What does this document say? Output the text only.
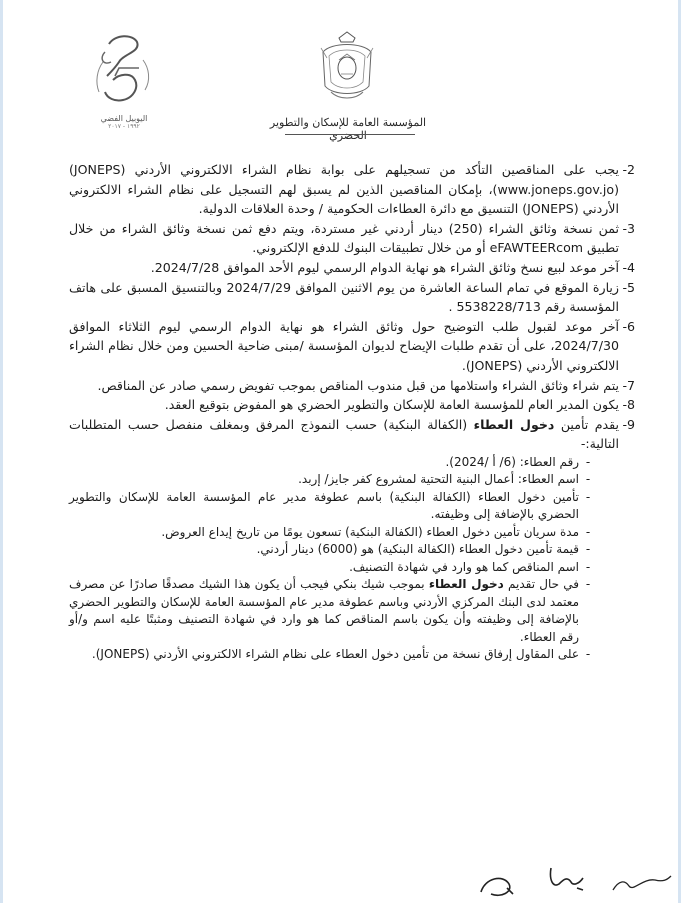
اليوبيل الفضي
١٩٩٢ - ٢٠١٧	المؤسسة العامة للإسكان والتطوير الحضري
2-
يجب على المناقصين التأكد من تسجيلهم على بوابة نظام الشراء الالكتروني الأردني (JONEPS) (www.joneps.gov.jo)، بإمكان المناقصين الذين لم يسبق لهم التسجيل على نظام الشراء الالكتروني الأردني (JONEPS) التنسيق مع دائرة العطاءات الحكومية / وحدة العلاقات الدولية.
3-
ثمن نسخة وثائق الشراء (250) دينار أردني غير مستردة، ويتم دفع ثمن نسخة وثائق الشراء من خلال تطبيق eFAWTEERcom أو من خلال تطبيقات البنوك للدفع الإلكتروني.
4-
آخر موعد لبيع نسخ وثائق الشراء هو نهاية الدوام الرسمي ليوم الأحد الموافق 2024/7/28.
5-
زيارة الموقع في تمام الساعة العاشرة من يوم الاثنين الموافق 2024/7/29 وبالتنسيق المسبق على هاتف المؤسسة رقم 5538228/713 .
6-
آخر موعد لقبول طلب التوضيح حول وثائق الشراء هو نهاية الدوام الرسمي ليوم الثلاثاء الموافق 2024/7/30، على أن تقدم طلبات الإيضاح لديوان المؤسسة /مبنى ضاحية الحسين ومن خلال نظام الشراء الالكتروني الأردني (JONEPS).
7-
يتم شراء وثائق الشراء واستلامها من قبل مندوب المناقص بموجب تفويض رسمي صادر عن المناقص.
8-
يكون المدير العام للمؤسسة العامة للإسكان والتطوير الحضري هو المفوض بتوقيع العقد.
9-
يقدم تأمين دخول العطاء (الكفالة البنكية) حسب النموذج المرفق وبمغلف منفصل حسب المتطلبات التالية:-
-
رقم العطاء: (6/ أ /2024).
-
اسم العطاء: أعمال البنية التحتية لمشروع كفر جايز/ إربد.
-
تأمين دخول العطاء (الكفالة البنكية) باسم عطوفة مدير عام المؤسسة العامة للإسكان والتطوير الحضري بالإضافة إلى وظيفته.
-
مدة سريان تأمين دخول العطاء (الكفالة البنكية) تسعون يومًا من تاريخ إيداع العروض.
-
قيمة تأمين دخول العطاء (الكفالة البنكية) هو (6000) دينار أردني.
-
اسم المناقص كما هو وارد في شهادة التصنيف.
-
في حال تقديم دخول العطاء بموجب شيك بنكي فيجب أن يكون هذا الشيك مصدقًا صادرًا عن مصرف معتمد لدى البنك المركزي الأردني وباسم عطوفة مدير عام المؤسسة العامة للإسكان والتطوير الحضري بالإضافة إلى وظيفته وأن يكون باسم المناقص كما هو وارد في شهادة التصنيف ومثبتًا عليه اسم و/أو رقم العطاء.
-
على المقاول إرفاق نسخة من تأمين دخول العطاء على نظام الشراء الالكتروني الأردني (JONEPS).
